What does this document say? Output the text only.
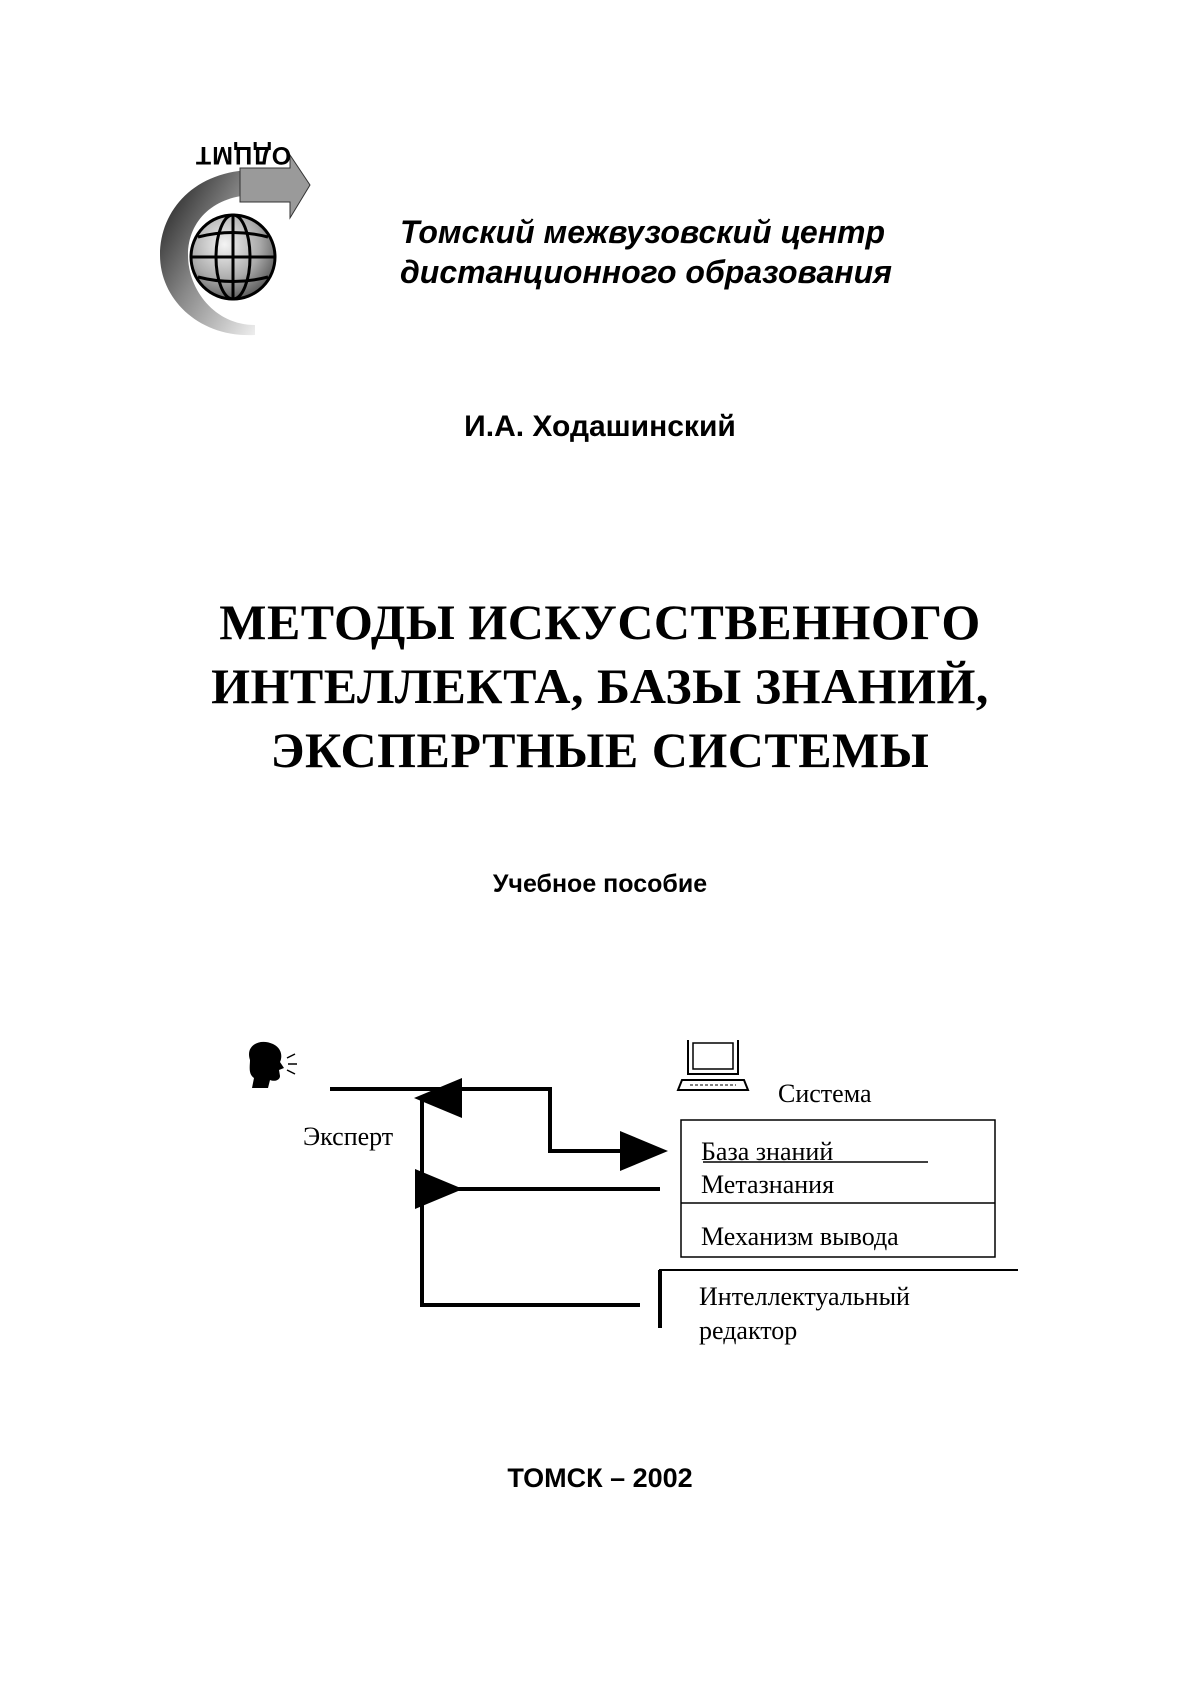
ОДЦМТ
Томский межвузовский центр
дистанционного образования
И.А. Ходашинский
МЕТОДЫ ИСКУССТВЕННОГО
ИНТЕЛЛЕКТА, БАЗЫ ЗНАНИЙ,
ЭКСПЕРТНЫЕ СИСТЕМЫ
Учебное пособие
Эксперт
Система
База знаний
Метазнания
Механизм вывода
Интеллектуальный
редактор
ТОМСК – 2002
